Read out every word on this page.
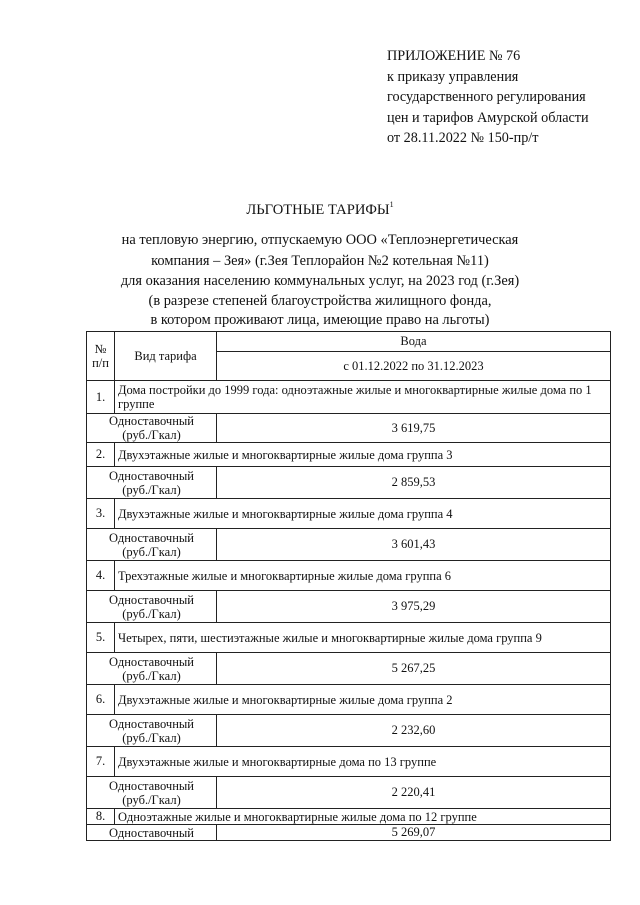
ПРИЛОЖЕНИЕ № 76
к приказу управления
государственного регулирования
цен и тарифов Амурской области
от 28.11.2022 № 150-пр/т
ЛЬГОТНЫЕ ТАРИФЫ$^1$
на тепловую энергию, отпускаемую ООО «Теплоэнергетическая
компания – Зея» (г.Зея Теплорайон №2 котельная №11)
для оказания населению коммунальных услуг, на 2023 год (г.Зея)
(в разрезе степеней благоустройства жилищного фонда,
в котором проживают лица, имеющие право на льготы)
№
п/п	Вид тарифа	Вода
		с 01.12.2022 по 31.12.2023
1.	Дома постройки до 1999 года: одноэтажные жилые и многоквартирные жилые дома по 1 группе	
Одноставочный
(руб./Гкал)		3 619,75
2.	Двухэтажные жилые и многоквартирные жилые дома группа 3	
Одноставочный
(руб./Гкал)		2 859,53
3.	Двухэтажные жилые и многоквартирные жилые дома группа 4	
Одноставочный
(руб./Гкал)		3 601,43
4.	Трехэтажные жилые и многоквартирные жилые дома группа 6	
Одноставочный
(руб./Гкал)		3 975,29
5.	Четырех, пяти, шестиэтажные жилые и многоквартирные жилые дома группа 9	
Одноставочный
(руб./Гкал)		5 267,25
6.	Двухэтажные жилые и многоквартирные жилые дома группа 2	
Одноставочный
(руб./Гкал)		2 232,60
7.	Двухэтажные жилые и многоквартирные дома по 13 группе	
Одноставочный
(руб./Гкал)		2 220,41
8.	Одноэтажные жилые и многоквартирные жилые дома по 12 группе	
Одноставочный		5 269,07
